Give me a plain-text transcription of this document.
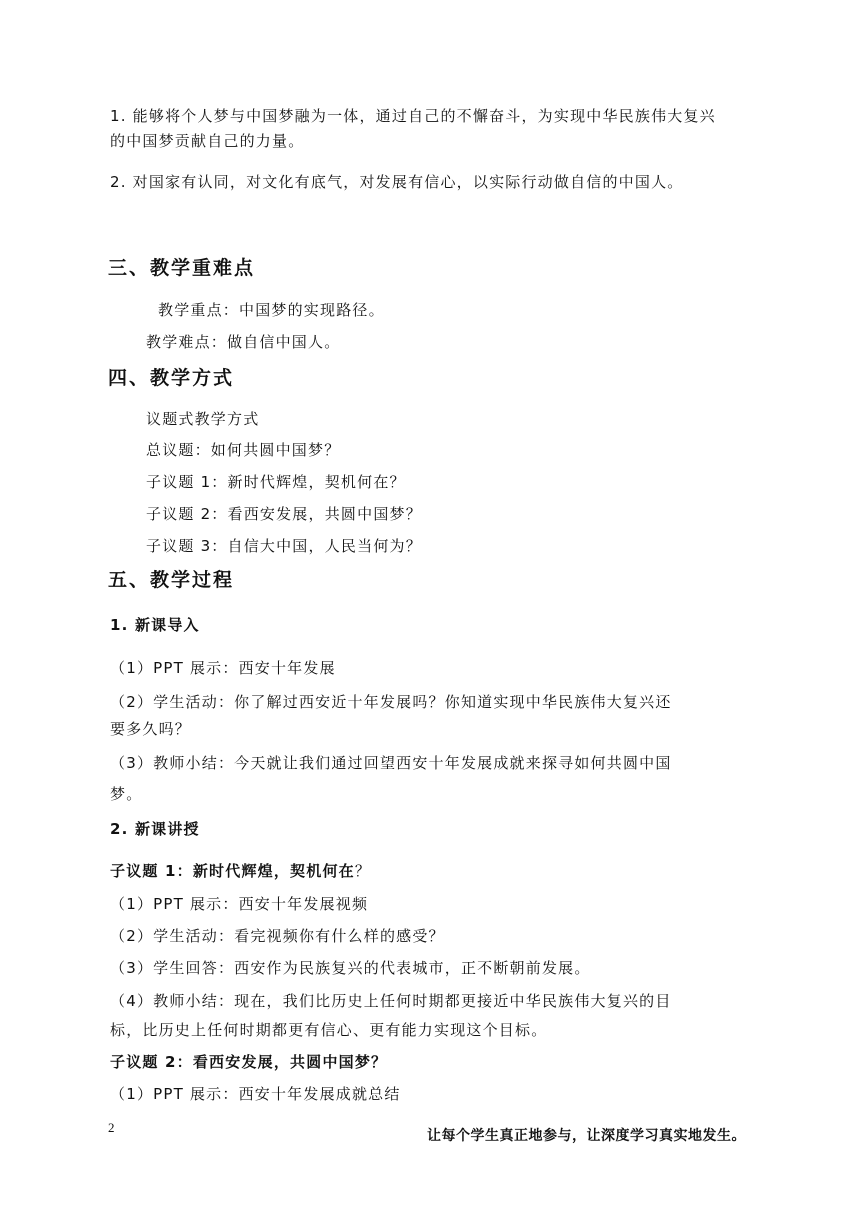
1. 能够将个人梦与中国梦融为一体，通过自己的不懈奋斗，为实现中华民族伟大复兴
的中国梦贡献自己的力量。
2. 对国家有认同，对文化有底气，对发展有信心，以实际行动做自信的中国人。
三、教学重难点
教学重点：中国梦的实现路径。
教学难点：做自信中国人。
四、教学方式
议题式教学方式
总议题：如何共圆中国梦？
子议题 1：新时代辉煌，契机何在？
子议题 2：看西安发展，共圆中国梦？
子议题 3：自信大中国，人民当何为？
五、教学过程
1. 新课导入
（1）PPT 展示：西安十年发展
（2）学生活动：你了解过西安近十年发展吗？你知道实现中华民族伟大复兴还
要多久吗？
（3）教师小结：今天就让我们通过回望西安十年发展成就来探寻如何共圆中国
梦。
2. 新课讲授
子议题 1：新时代辉煌，契机何在？
（1）PPT 展示：西安十年发展视频
（2）学生活动：看完视频你有什么样的感受？
（3）学生回答：西安作为民族复兴的代表城市，正不断朝前发展。
（4）教师小结：现在，我们比历史上任何时期都更接近中华民族伟大复兴的目
标，比历史上任何时期都更有信心、更有能力实现这个目标。
子议题 2：看西安发展，共圆中国梦？
（1）PPT 展示：西安十年发展成就总结
2
让每个学生真正地参与，让深度学习真实地发生。
